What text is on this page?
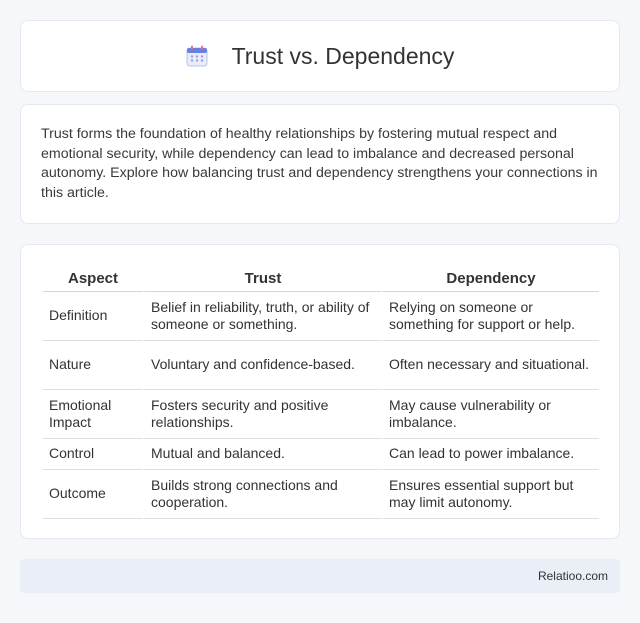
Trust vs. Dependency

Trust forms the foundation of healthy relationships by fostering mutual respect and emotional security, while dependency can lead to imbalance and decreased personal autonomy. Explore how balancing trust and dependency strengthens your connections in this article.

Aspect	Trust	Dependency
Definition	Belief in reliability, truth, or ability of someone or something.	Relying on someone or something for support or help.
Nature	Voluntary and confidence-based.	Often necessary and situational.
Emotional Impact	Fosters security and positive relationships.	May cause vulnerability or imbalance.
Control	Mutual and balanced.	Can lead to power imbalance.
Outcome	Builds strong connections and cooperation.	Ensures essential support but may limit autonomy.
Relatioo.com
